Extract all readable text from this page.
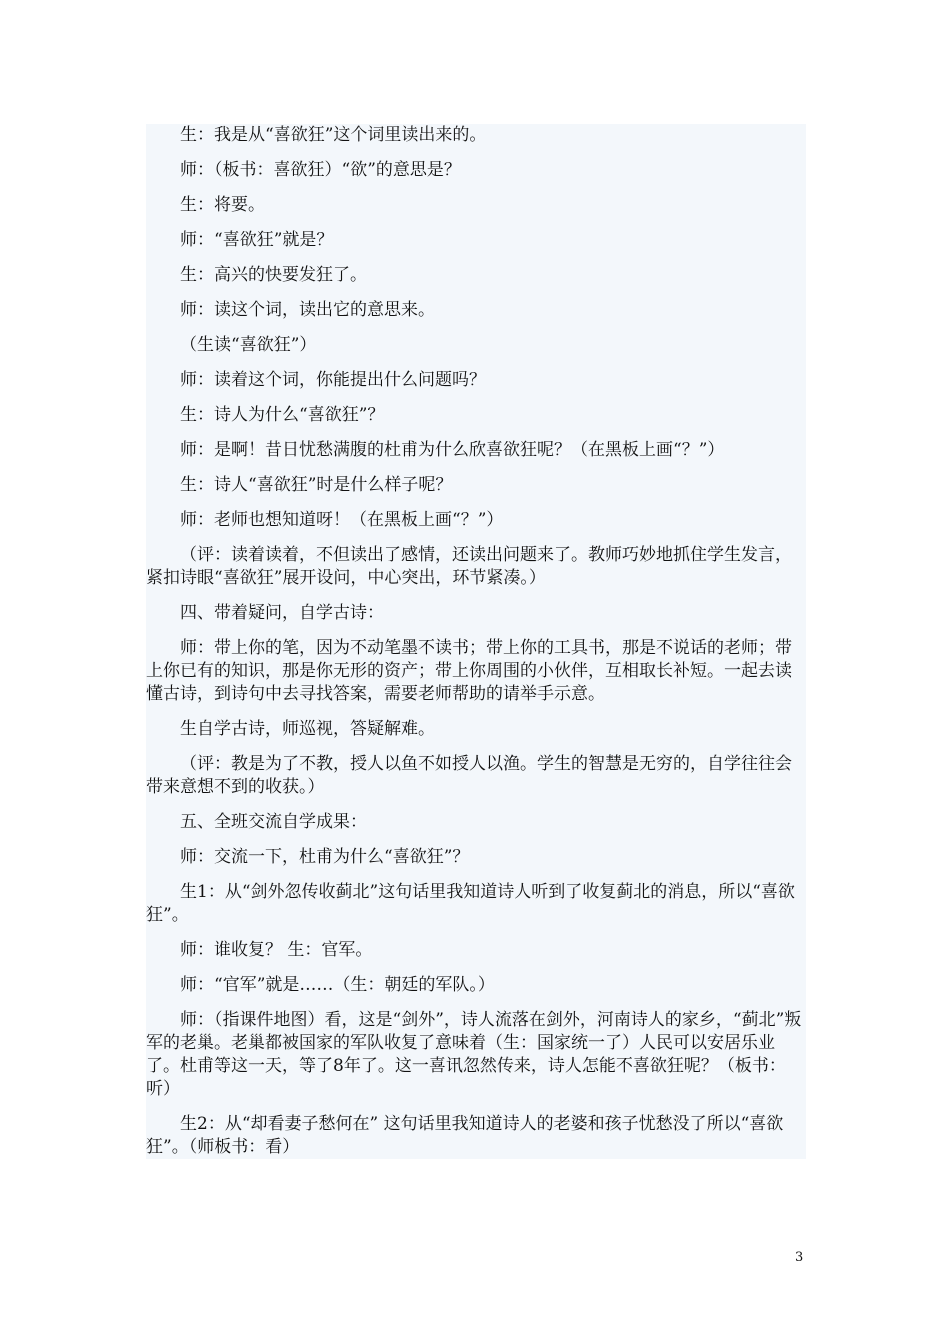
生：我是从“喜欲狂”这个词里读出来的。

师：（板书：喜欲狂）“欲”的意思是？

生：将要。

师：“喜欲狂”就是？

生：高兴的快要发狂了。

师：读这个词，读出它的意思来。

（生读“喜欲狂”）

师：读着这个词，你能提出什么问题吗？

生：诗人为什么“喜欲狂”？

师：是啊！昔日忧愁满腹的杜甫为什么欣喜欲狂呢？（在黑板上画“？”）

生：诗人“喜欲狂”时是什么样子呢？

师：老师也想知道呀！（在黑板上画“？”）

（评：读着读着，不但读出了感情，还读出问题来了。教师巧妙地抓住学生发言，紧扣诗眼“喜欲狂”展开设问，中心突出，环节紧凑。）

四、带着疑问，自学古诗：

师：带上你的笔，因为不动笔墨不读书；带上你的工具书，那是不说话的老师；带上你已有的知识，那是你无形的资产；带上你周围的小伙伴，互相取长补短。一起去读懂古诗，到诗句中去寻找答案，需要老师帮助的请举手示意。

生自学古诗，师巡视，答疑解难。

（评：教是为了不教，授人以鱼不如授人以渔。学生的智慧是无穷的，自学往往会带来意想不到的收获。）

五、全班交流自学成果：

师：交流一下，杜甫为什么“喜欲狂”？

生1：从“剑外忽传收蓟北”这句话里我知道诗人听到了收复蓟北的消息，所以“喜欲狂”。

师：谁收复？ 生：官军。

师：“官军”就是……（生：朝廷的军队。）

师：（指课件地图）看，这是“剑外”，诗人流落在剑外，河南诗人的家乡，“蓟北”叛军的老巢。老巢都被国家的军队收复了意味着（生：国家统一了）人民可以安居乐业了。杜甫等这一天，等了8年了。这一喜讯忽然传来，诗人怎能不喜欲狂呢？（板书：听）

生2：从“却看妻子愁何在” 这句话里我知道诗人的老婆和孩子忧愁没了所以“喜欲狂”。（师板书：看）

3
